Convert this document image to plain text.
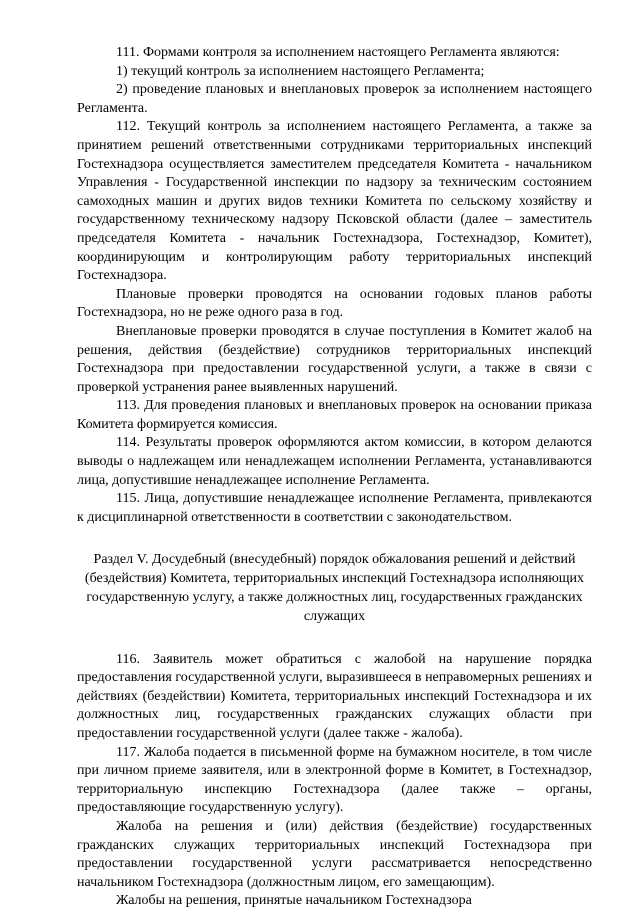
111. Формами контроля за исполнением настоящего Регламента являются:

1) текущий контроль за исполнением настоящего Регламента;

2) проведение плановых и внеплановых проверок за исполнением настоящего Регламента.

112. Текущий контроль за исполнением настоящего Регламента, а также за принятием решений ответственными сотрудниками территориальных инспекций Гостехнадзора осуществляется заместителем председателя Комитета - начальником Управления - Государственной инспекции по надзору за техническим состоянием самоходных машин и других видов техники Комитета по сельскому хозяйству и государственному техническому надзору Псковской области (далее – заместитель председателя Комитета - начальник Гостехнадзора, Гостехнадзор, Комитет), координирующим и контролирующим работу территориальных инспекций Гостехнадзора.

Плановые проверки проводятся на основании годовых планов работы Гостехнадзора, но не реже одного раза в год.

Внеплановые проверки проводятся в случае поступления в Комитет жалоб на решения, действия (бездействие) сотрудников территориальных инспекций Гостехнадзора при предоставлении государственной услуги, а также в связи с проверкой устранения ранее выявленных нарушений.

113. Для проведения плановых и внеплановых проверок на основании приказа Комитета формируется комиссия.

114. Результаты проверок оформляются актом комиссии, в котором делаются выводы о надлежащем или ненадлежащем исполнении Регламента, устанавливаются лица, допустившие ненадлежащее исполнение Регламента.

115. Лица, допустившие ненадлежащее исполнение Регламента, привлекаются к дисциплинарной ответственности в соответствии с законодательством.

Раздел V. Досудебный (внесудебный) порядок обжалования решений и действий (бездействия) Комитета, территориальных инспекций Гостехнадзора исполняющих государственную услугу, а также должностных лиц, государственных гражданских служащих

116. Заявитель может обратиться с жалобой на нарушение порядка предоставления государственной услуги, выразившееся в неправомерных решениях и действиях (бездействии) Комитета, территориальных инспекций Гостехнадзора и их должностных лиц, государственных гражданских служащих области при предоставлении государственной услуги (далее также - жалоба).

117. Жалоба подается в письменной форме на бумажном носителе, в том числе при личном приеме заявителя, или в электронной форме в Комитет, в Гостехнадзор, территориальную инспекцию Гостехнадзора (далее также – органы, предоставляющие государственную услугу).

Жалоба на решения и (или) действия (бездействие) государственных гражданских служащих территориальных инспекций Гостехнадзора при предоставлении государственной услуги рассматривается непосредственно начальником Гостехнадзора (должностным лицом, его замещающим).

Жалобы на решения, принятые начальником Гостехнадзора
